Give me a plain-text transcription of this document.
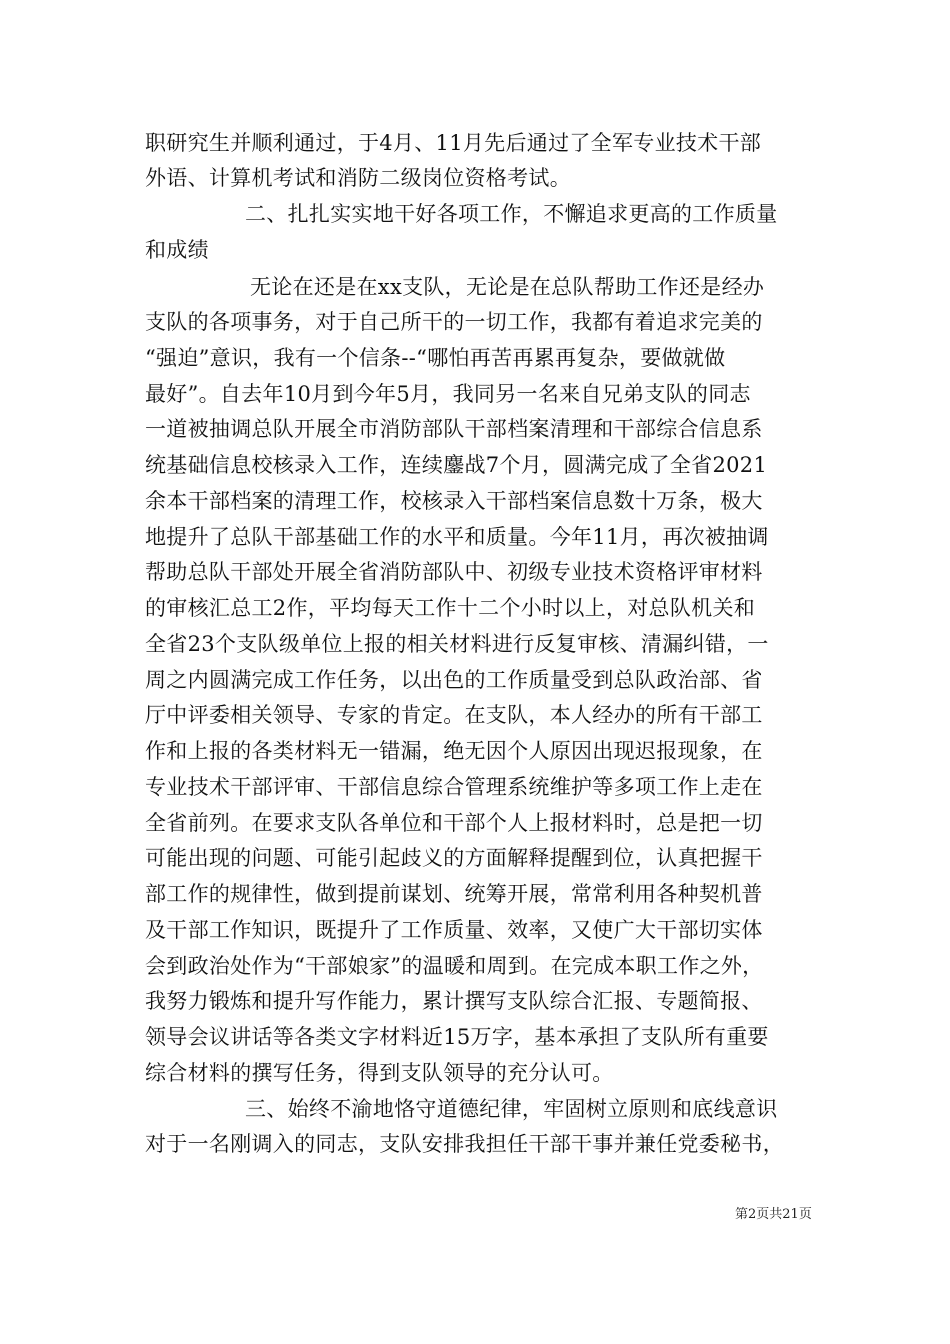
职研究生并顺利通过，于4月、11月先后通过了全军专业技术干部
外语、计算机考试和消防二级岗位资格考试。
二、扎扎实实地干好各项工作，不懈追求更高的工作质量
和成绩
无论在还是在xx支队，无论是在总队帮助工作还是经办
支队的各项事务，对于自己所干的一切工作，我都有着追求完美的
“强迫”意识，我有一个信条--“哪怕再苦再累再复杂，要做就做
最好”。自去年10月到今年5月，我同另一名来自兄弟支队的同志
一道被抽调总队开展全市消防部队干部档案清理和干部综合信息系
统基础信息校核录入工作，连续鏖战7个月，圆满完成了全省2021
余本干部档案的清理工作，校核录入干部档案信息数十万条，极大
地提升了总队干部基础工作的水平和质量。今年11月，再次被抽调
帮助总队干部处开展全省消防部队中、初级专业技术资格评审材料
的审核汇总工2作，平均每天工作十二个小时以上，对总队机关和
全省23个支队级单位上报的相关材料进行反复审核、清漏纠错，一
周之内圆满完成工作任务，以出色的工作质量受到总队政治部、省
厅中评委相关领导、专家的肯定。在支队，本人经办的所有干部工
作和上报的各类材料无一错漏，绝无因个人原因出现迟报现象，在
专业技术干部评审、干部信息综合管理系统维护等多项工作上走在
全省前列。在要求支队各单位和干部个人上报材料时，总是把一切
可能出现的问题、可能引起歧义的方面解释提醒到位，认真把握干
部工作的规律性，做到提前谋划、统筹开展，常常利用各种契机普
及干部工作知识，既提升了工作质量、效率，又使广大干部切实体
会到政治处作为“干部娘家”的温暖和周到。在完成本职工作之外，
我努力锻炼和提升写作能力，累计撰写支队综合汇报、专题简报、
领导会议讲话等各类文字材料近15万字，基本承担了支队所有重要
综合材料的撰写任务，得到支队领导的充分认可。
三、始终不渝地恪守道德纪律，牢固树立原则和底线意识
对于一名刚调入的同志，支队安排我担任干部干事并兼任党委秘书，
第2页共21页
